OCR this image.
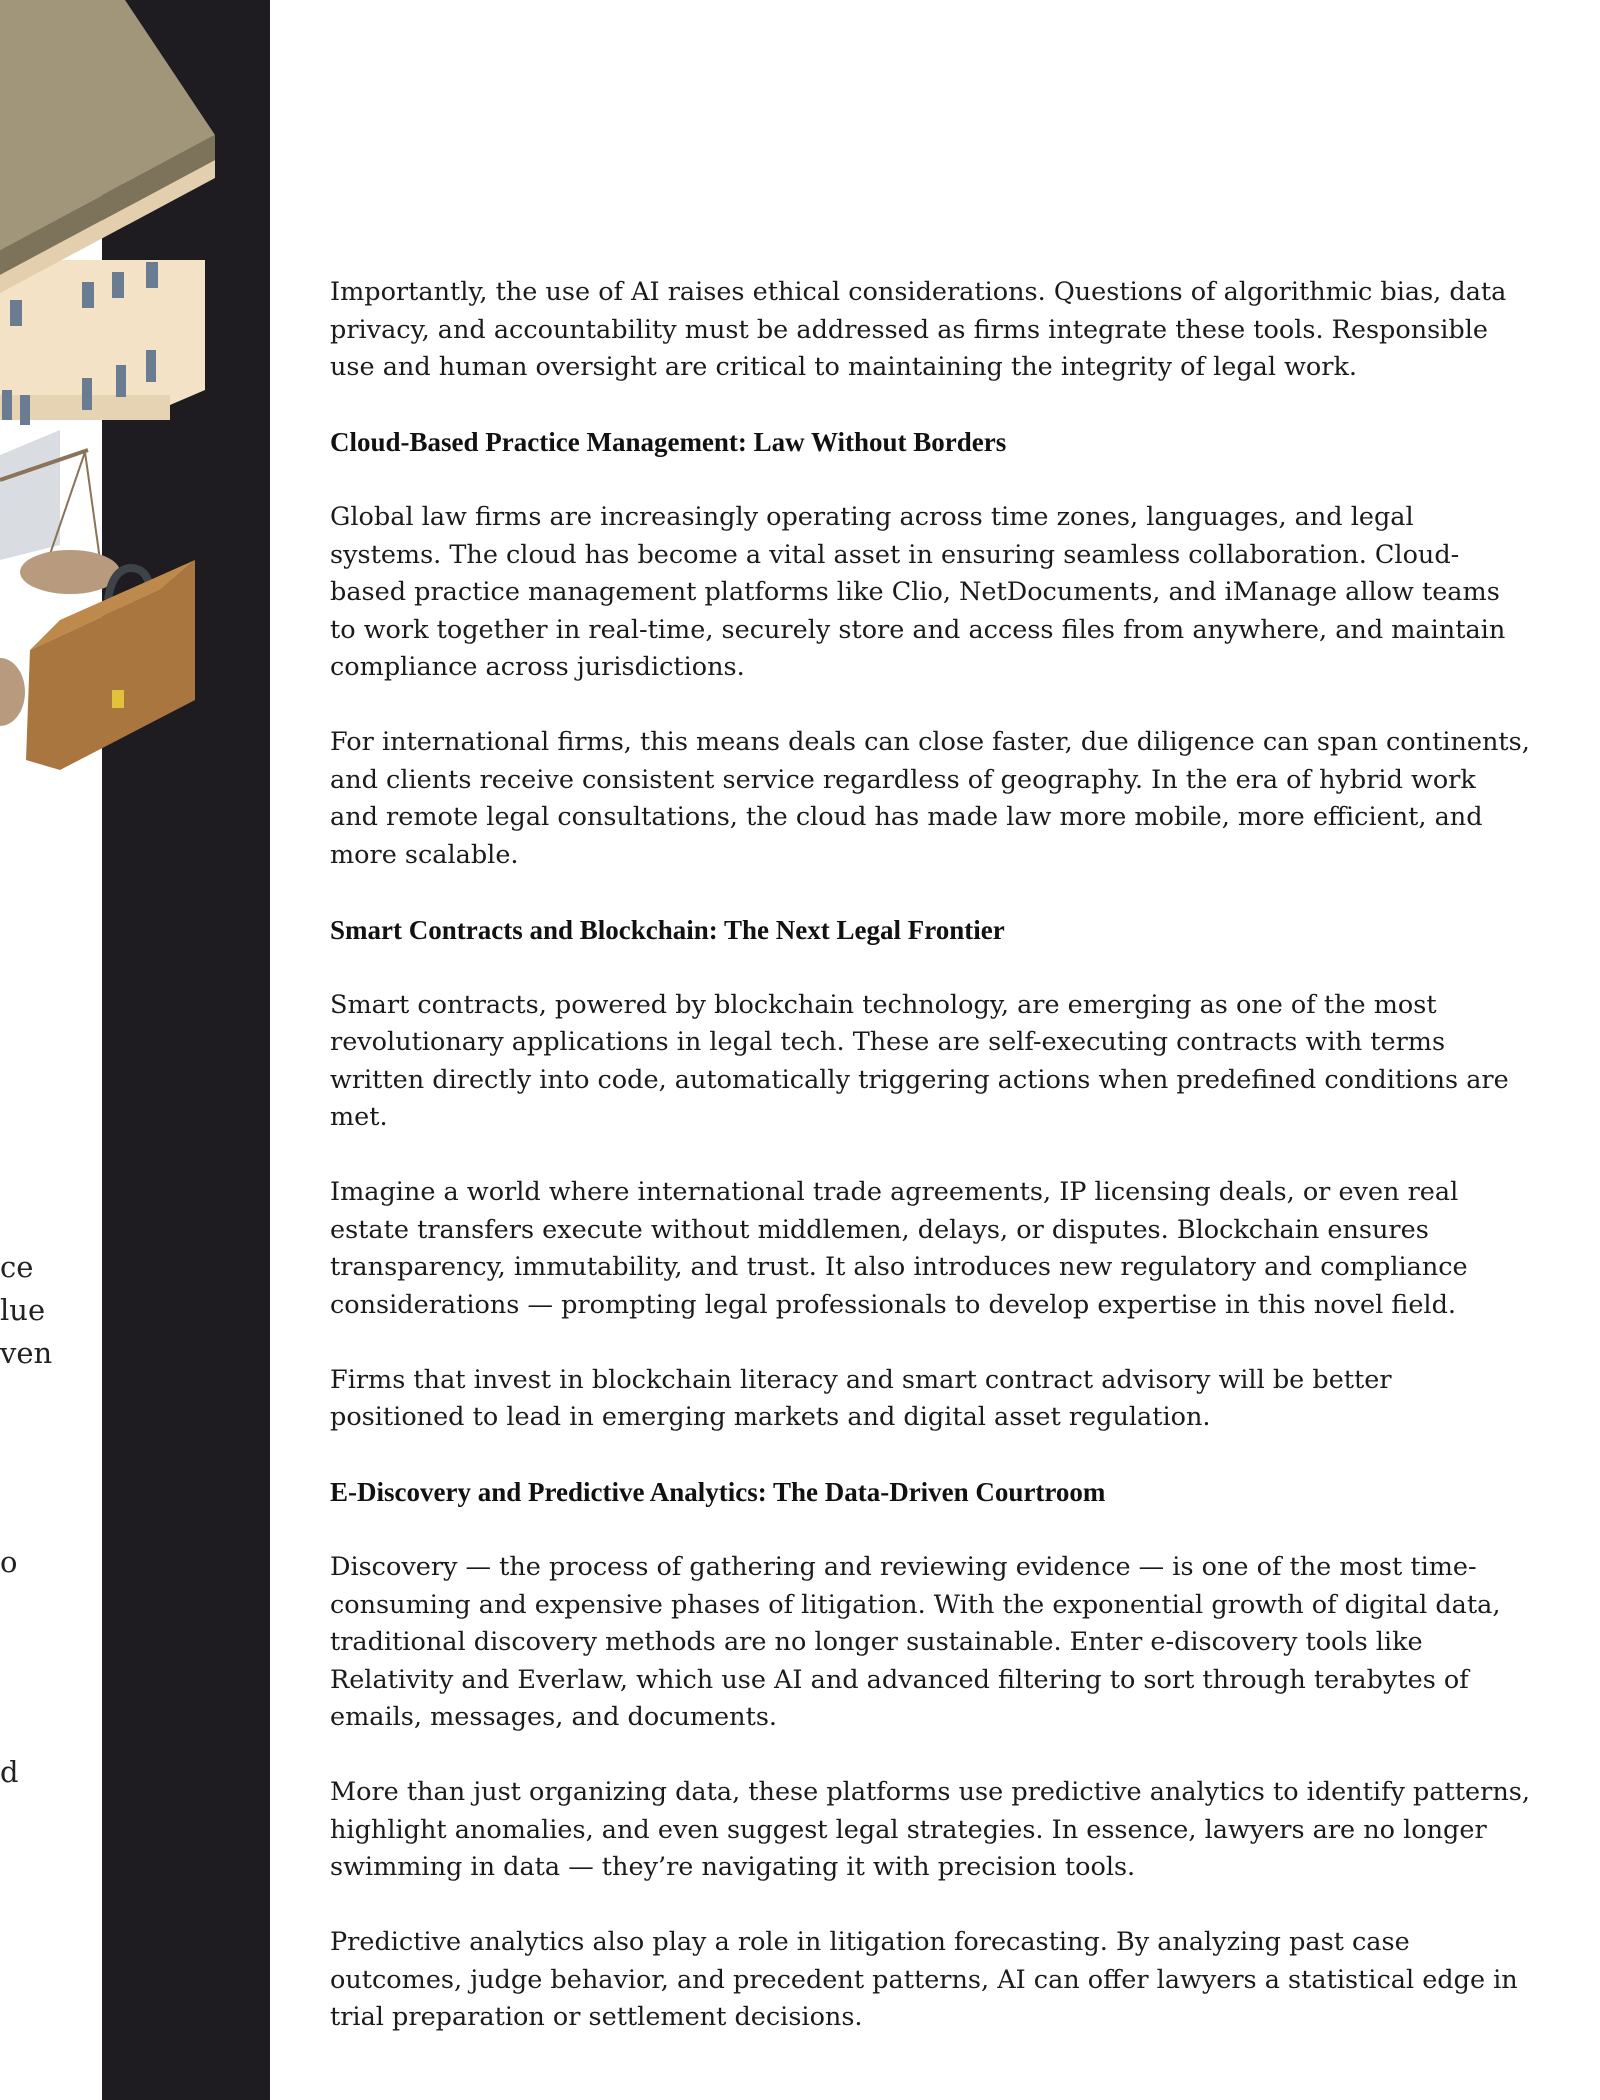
ce
lue
ven
o
d

Importantly, the use of AI raises ethical considerations. Questions of algorithmic bias, data privacy, and accountability must be addressed as firms integrate these tools. Responsible use and human oversight are critical to maintaining the integrity of legal work.

Cloud-Based Practice Management: Law Without Borders

Global law firms are increasingly operating across time zones, languages, and legal systems. The cloud has become a vital asset in ensuring seamless collaboration. Cloud-based practice management platforms like Clio, NetDocuments, and iManage allow teams to work together in real-time, securely store and access files from anywhere, and maintain compliance across jurisdictions.

For international firms, this means deals can close faster, due diligence can span continents, and clients receive consistent service regardless of geography. In the era of hybrid work and remote legal consultations, the cloud has made law more mobile, more efficient, and more scalable.

Smart Contracts and Blockchain: The Next Legal Frontier

Smart contracts, powered by blockchain technology, are emerging as one of the most revolutionary applications in legal tech. These are self-executing contracts with terms written directly into code, automatically triggering actions when predefined conditions are met.

Imagine a world where international trade agreements, IP licensing deals, or even real estate transfers execute without middlemen, delays, or disputes. Blockchain ensures transparency, immutability, and trust. It also introduces new regulatory and compliance considerations — prompting legal professionals to develop expertise in this novel field.

Firms that invest in blockchain literacy and smart contract advisory will be better positioned to lead in emerging markets and digital asset regulation.

E-Discovery and Predictive Analytics: The Data-Driven Courtroom

Discovery — the process of gathering and reviewing evidence — is one of the most time-consuming and expensive phases of litigation. With the exponential growth of digital data, traditional discovery methods are no longer sustainable. Enter e-discovery tools like Relativity and Everlaw, which use AI and advanced filtering to sort through terabytes of emails, messages, and documents.

More than just organizing data, these platforms use predictive analytics to identify patterns, highlight anomalies, and even suggest legal strategies. In essence, lawyers are no longer swimming in data — they’re navigating it with precision tools.

Predictive analytics also play a role in litigation forecasting. By analyzing past case outcomes, judge behavior, and precedent patterns, AI can offer lawyers a statistical edge in trial preparation or settlement decisions.
